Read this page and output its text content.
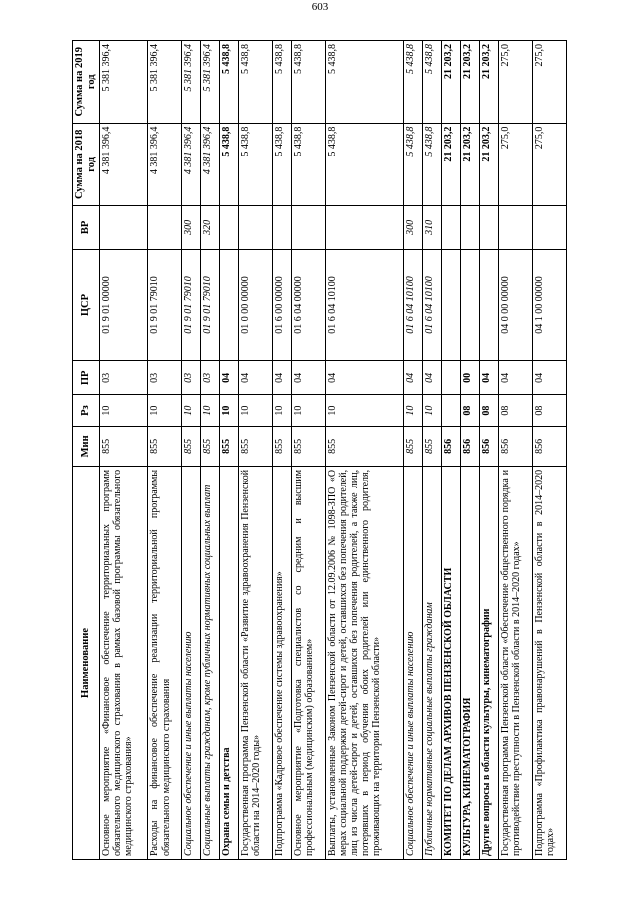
603
Наименование	Мин	Рз	ПР	ЦСР	ВР	Сумма на 2018 год	Сумма на 2019 год
Основное мероприятие «Финансовое обеспечение территориальных программ обязательного медицинского страхования в рамках базовой программы обязательного медицинского страхования»	855	10	03	01 9 01 00000		4 381 396,4	5 381 396,4
Расходы на финансовое обеспечение реализации территориальной программы обязательного медицинского страхования	855	10	03	01 9 01 79010		4 381 396,4	5 381 396,4
Социальное обеспечение и иные выплаты населению	855	10	03	01 9 01 79010	300	4 381 396,4	5 381 396,4
Социальные выплаты гражданам, кроме публичных нормативных социальных выплат	855	10	03	01 9 01 79010	320	4 381 396,4	5 381 396,4
Охрана семьи и детства	855	10	04			5 438,8	5 438,8
Государственная программа Пензенской области «Развитие здравоохранения Пензенской области на 2014–2020 годы»	855	10	04	01 0 00 00000		5 438,8	5 438,8
Подпрограмма «Кадровое обеспечение системы здравоохранения»	855	10	04	01 6 00 00000		5 438,8	5 438,8
Основное мероприятие «Подготовка специалистов со средним и высшим профессиональным (медицинским) образованием»	855	10	04	01 6 04 00000		5 438,8	5 438,8
Выплаты, установленные Законом Пензенской области от 12.09.2006 № 1098-ЗПО «О мерах социальной поддержки детей-сирот и детей, оставшихся без попечения родителей, лиц из числа детей-сирот и детей, оставшихся без попечения родителей, а также лиц, потерявших в период обучения обоих родителей или единственного родителя, проживающих на территории Пензенской области»	855	10	04	01 6 04 10100		5 438,8	5 438,8
Социальное обеспечение и иные выплаты населению	855	10	04	01 6 04 10100	300	5 438,8	5 438,8
Публичные нормативные социальные выплаты гражданам	855	10	04	01 6 04 10100	310	5 438,8	5 438,8
КОМИТЕТ ПО ДЕЛАМ АРХИВОВ ПЕНЗЕНСКОЙ ОБЛАСТИ	856					21 203,2	21 203,2
КУЛЬТУРА, КИНЕМАТОГРАФИЯ	856	08	00			21 203,2	21 203,2
Другие вопросы в области культуры, кинематографии	856	08	04			21 203,2	21 203,2
Государственная программа Пензенской области «Обеспечение общественного порядка и противодействие преступности в Пензенской области в 2014–2020 годах»	856	08	04	04 0 00 00000		275,0	275,0
Подпрограмма «Профилактика правонарушений в Пензенской области в 2014–2020 годах»	856	08	04	04 1 00 00000		275,0	275,0
